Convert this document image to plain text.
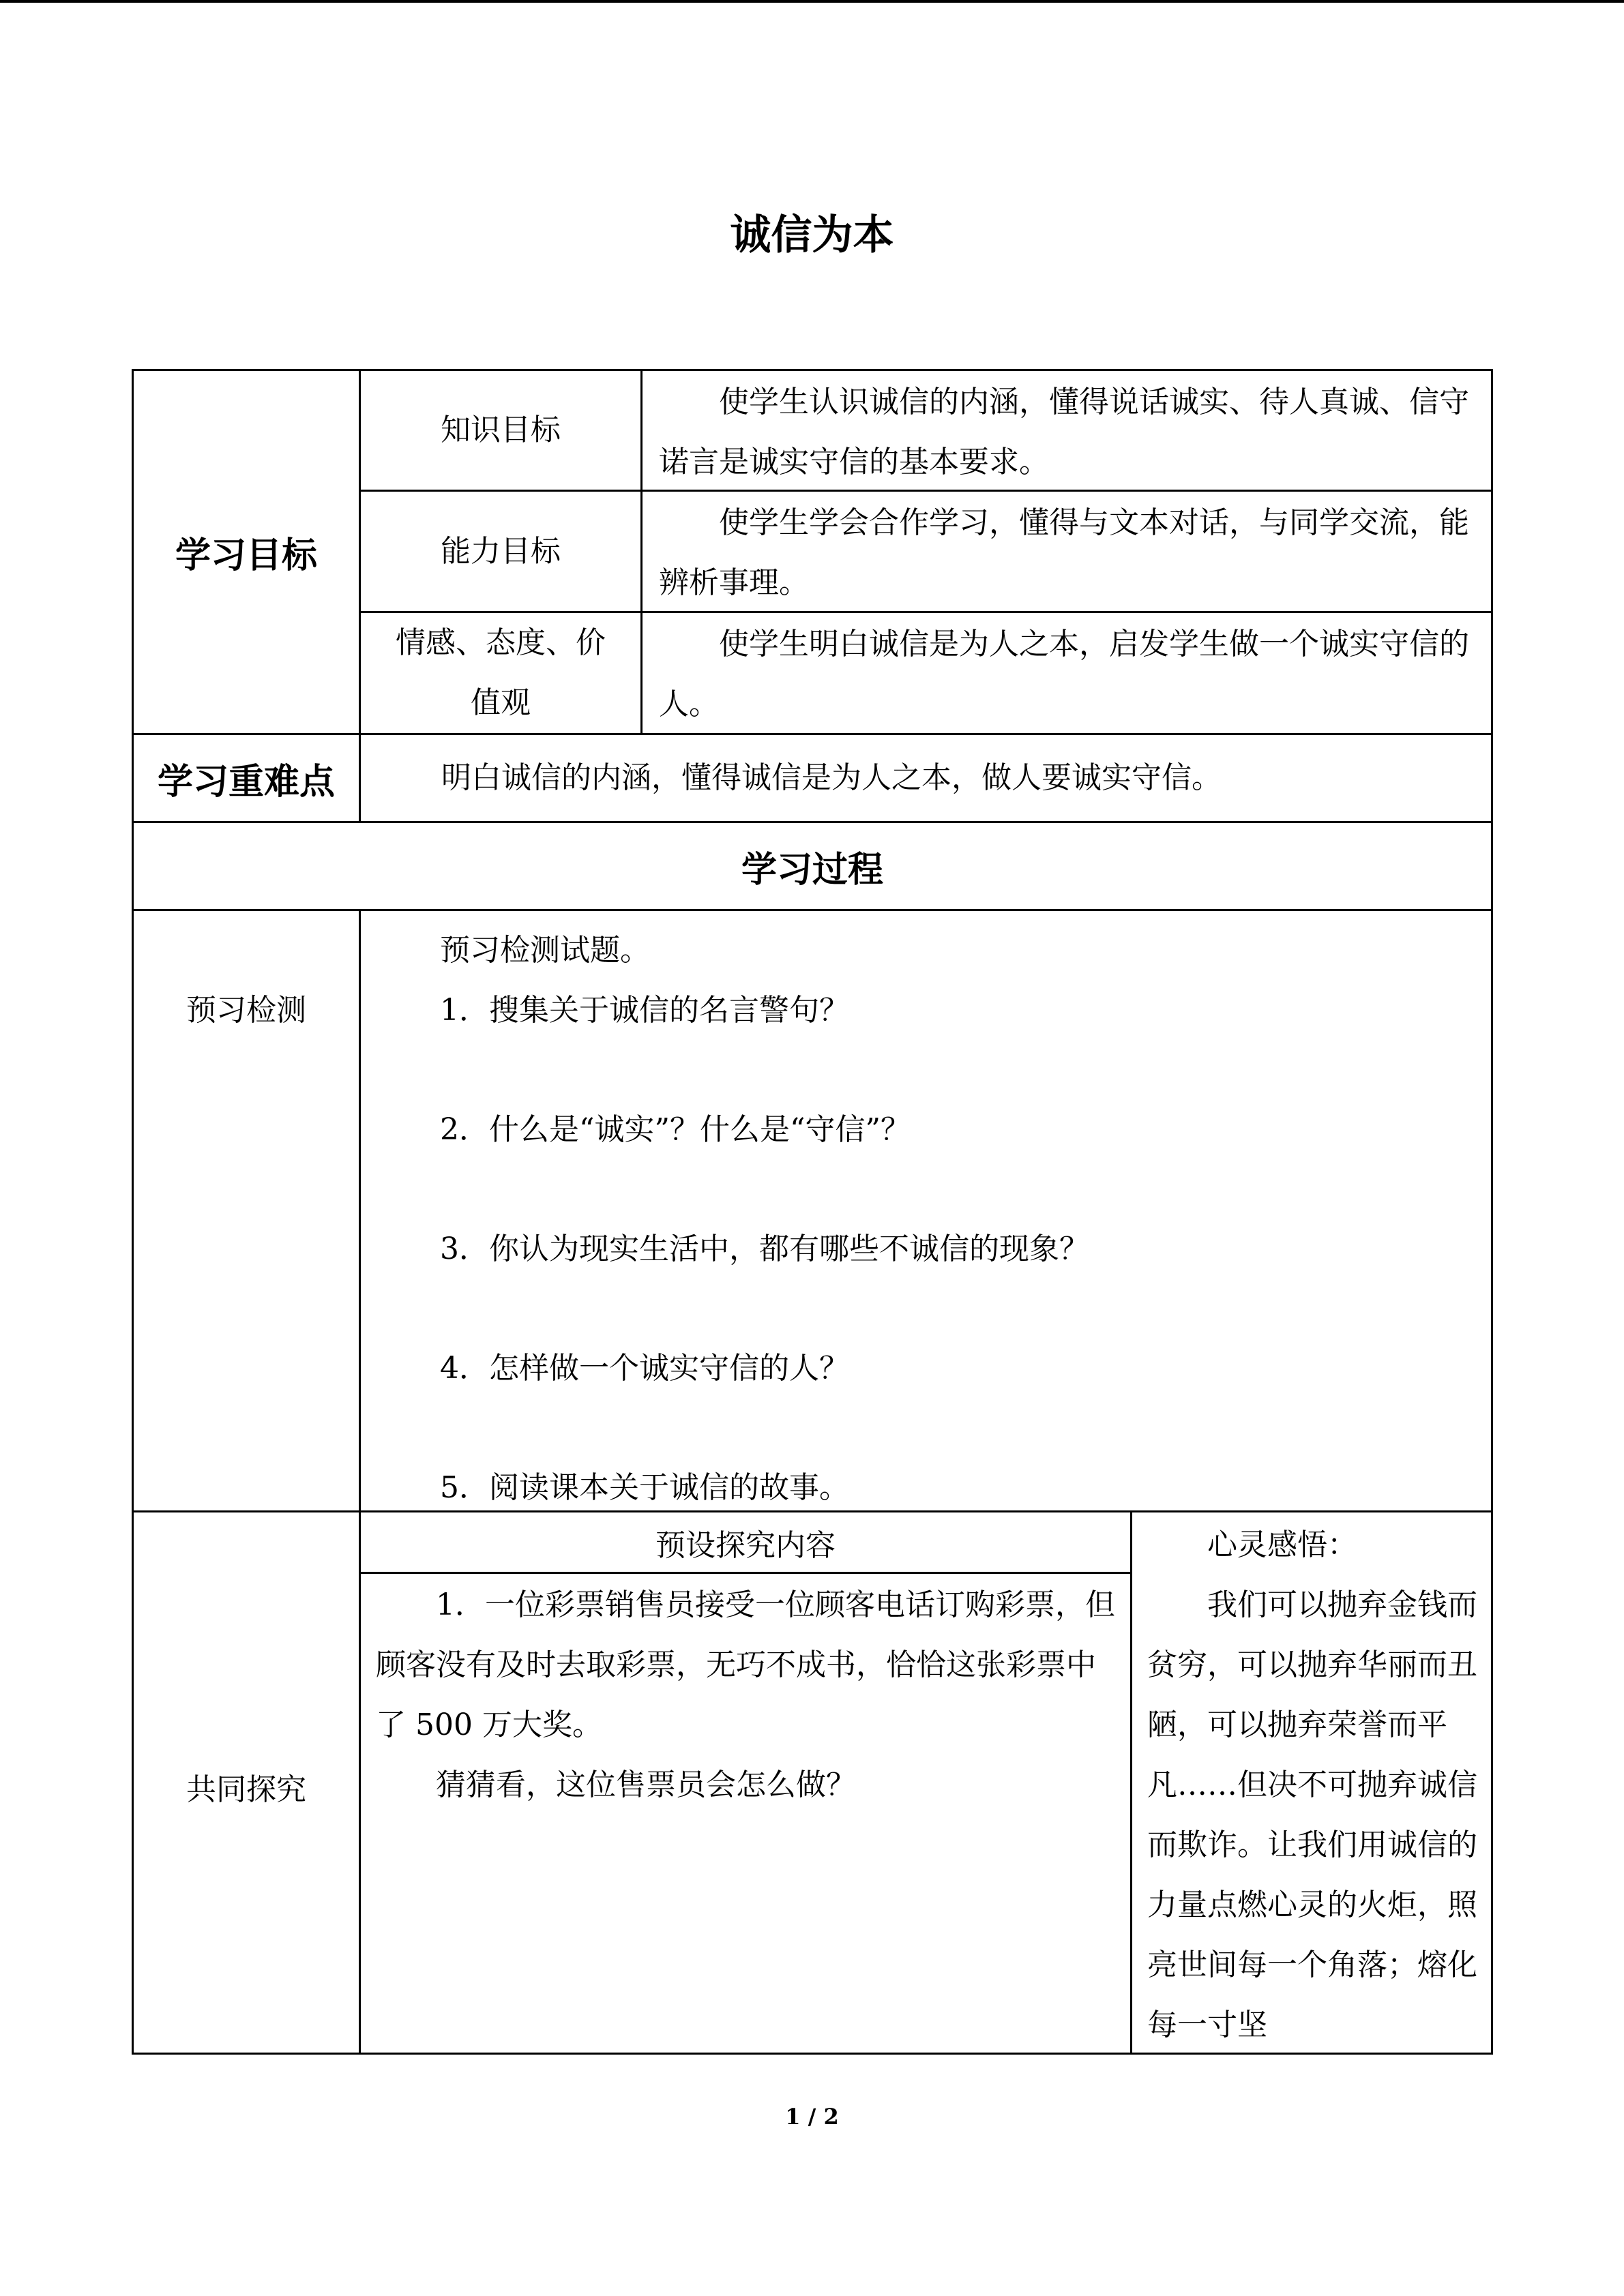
诚信为本
学习目标
知识目标

使学生认识诚信的内涵，懂得说话诚实、待人真诚、信守诺言是诚实守信的基本要求。

能力目标

使学生学会合作学习，懂得与文本对话，与同学交流，能辨析事理。

情感、态度、价值观

使学生明白诚信是为人之本，启发学生做一个诚实守信的人。

学习重难点	明白诚信的内涵，懂得诚信是为人之本，做人要诚实守信。

学习过程
预习检测

预习检测试题。

1．搜集关于诚信的名言警句？

2．什么是“诚实”？什么是“守信”？

3．你认为现实生活中，都有哪些不诚信的现象？

4．怎样做一个诚实守信的人？

5．阅读课本关于诚信的故事。

共同探究
预设探究内容

1．一位彩票销售员接受一位顾客电话订购彩票，但顾客没有及时去取彩票，无巧不成书，恰恰这张彩票中了 500 万大奖。

猜猜看，这位售票员会怎么做？

心灵感悟：

我们可以抛弃金钱而贫穷，可以抛弃华丽而丑陋，可以抛弃荣誉而平凡……但决不可抛弃诚信而欺诈。让我们用诚信的力量点燃心灵的火炬，照亮世间每一个角落；熔化每一寸坚

1 / 2
